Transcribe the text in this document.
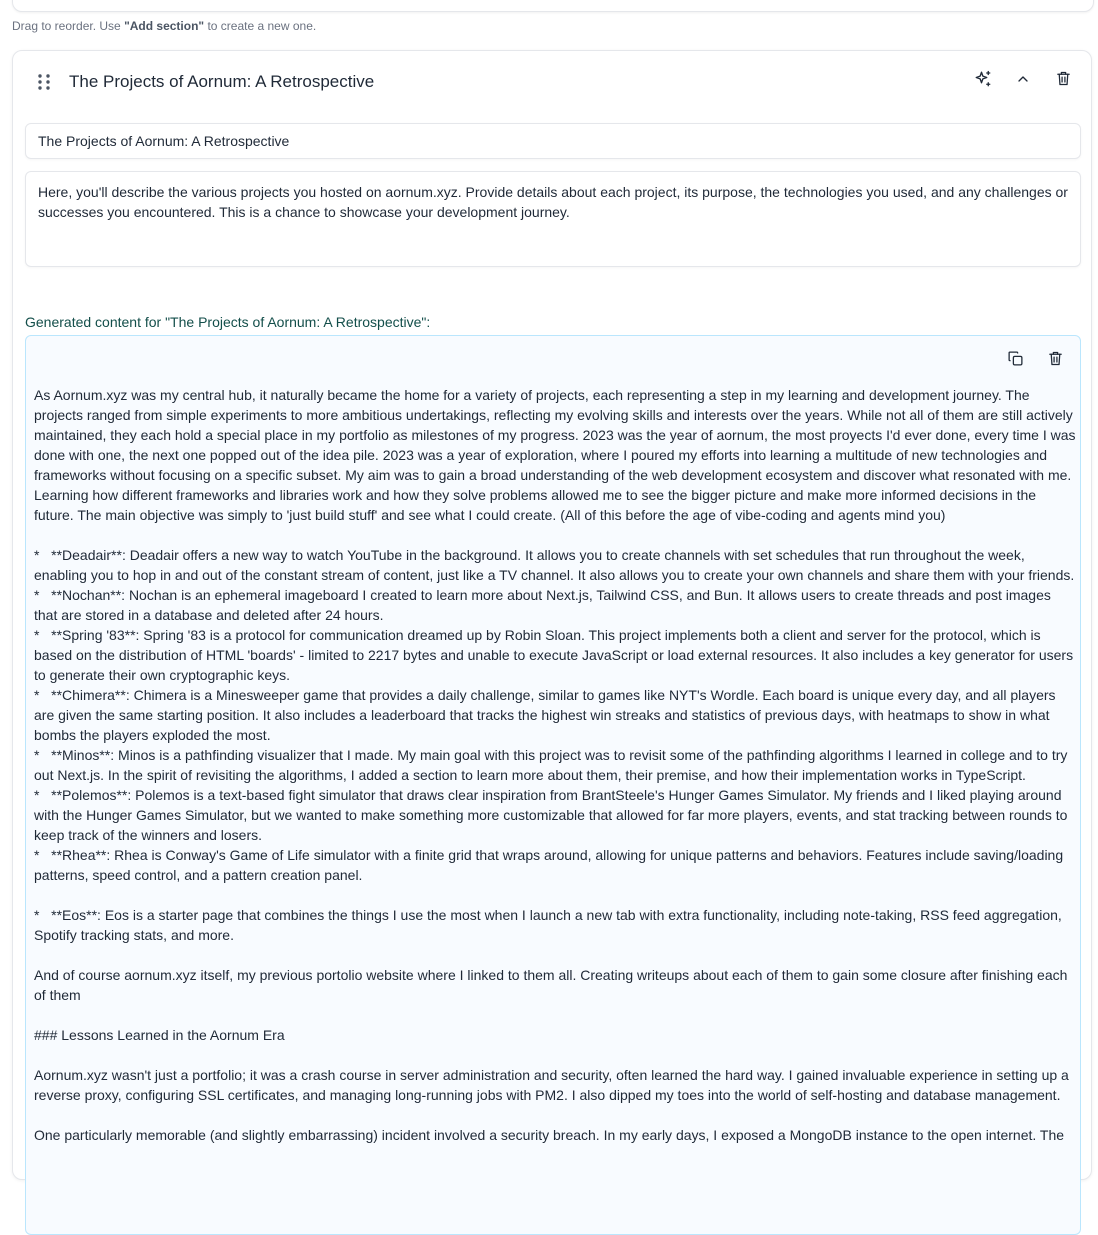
Drag to reorder. Use "Add section" to create a new one.
The Projects of Aornum: A Retrospective
The Projects of Aornum: A Retrospective
Here, you'll describe the various projects you hosted on aornum.xyz. Provide details about each project, its purpose, the technologies you used, and any challenges or successes you encountered. This is a chance to showcase your development journey.
Generated content for "The Projects of Aornum: A Retrospective":
As Aornum.xyz was my central hub, it naturally became the home for a variety of projects, each representing a step in my learning and development journey. The projects ranged from simple experiments to more ambitious undertakings, reflecting my evolving skills and interests over the years. While not all of them are still actively maintained, they each hold a special place in my portfolio as milestones of my progress. 2023 was the year of aornum, the most proyects I'd ever done, every time I was done with one, the next one popped out of the idea pile. 2023 was a year of exploration, where I poured my efforts into learning a multitude of new technologies and frameworks without focusing on a specific subset. My aim was to gain a broad understanding of the web development ecosystem and discover what resonated with me. Learning how different frameworks and libraries work and how they solve problems allowed me to see the bigger picture and make more informed decisions in the future. The main objective was simply to 'just build stuff' and see what I could create. (All of this before the age of vibe-coding and agents mind you)

*   **Deadair**: Deadair offers a new way to watch YouTube in the background. It allows you to create channels with set schedules that run throughout the week, enabling you to hop in and out of the constant stream of content, just like a TV channel. It also allows you to create your own channels and share them with your friends.
*   **Nochan**: Nochan is an ephemeral imageboard I created to learn more about Next.js, Tailwind CSS, and Bun. It allows users to create threads and post images that are stored in a database and deleted after 24 hours.
*   **Spring '83**: Spring '83 is a protocol for communication dreamed up by Robin Sloan. This project implements both a client and server for the protocol, which is based on the distribution of HTML 'boards' - limited to 2217 bytes and unable to execute JavaScript or load external resources. It also includes a key generator for users to generate their own cryptographic keys.
*   **Chimera**: Chimera is a Minesweeper game that provides a daily challenge, similar to games like NYT's Wordle. Each board is unique every day, and all players are given the same starting position. It also includes a leaderboard that tracks the highest win streaks and statistics of previous days, with heatmaps to show in what bombs the players exploded the most.
*   **Minos**: Minos is a pathfinding visualizer that I made. My main goal with this project was to revisit some of the pathfinding algorithms I learned in college and to try out Next.js. In the spirit of revisiting the algorithms, I added a section to learn more about them, their premise, and how their implementation works in TypeScript.
*   **Polemos**: Polemos is a text-based fight simulator that draws clear inspiration from BrantSteele's Hunger Games Simulator. My friends and I liked playing around with the Hunger Games Simulator, but we wanted to make something more customizable that allowed for far more players, events, and stat tracking between rounds to keep track of the winners and losers.
*   **Rhea**: Rhea is Conway's Game of Life simulator with a finite grid that wraps around, allowing for unique patterns and behaviors. Features include saving/loading patterns, speed control, and a pattern creation panel.

*   **Eos**: Eos is a starter page that combines the things I use the most when I launch a new tab with extra functionality, including note-taking, RSS feed aggregation, Spotify tracking stats, and more.

And of course aornum.xyz itself, my previous portolio website where I linked to them all. Creating writeups about each of them to gain some closure after finishing each of them

### Lessons Learned in the Aornum Era

Aornum.xyz wasn't just a portfolio; it was a crash course in server administration and security, often learned the hard way. I gained invaluable experience in setting up a reverse proxy, configuring SSL certificates, and managing long-running jobs with PM2. I also dipped my toes into the world of self-hosting and database management.

One particularly memorable (and slightly embarrassing) incident involved a security breach. In my early days, I exposed a MongoDB instance to the open internet. The
